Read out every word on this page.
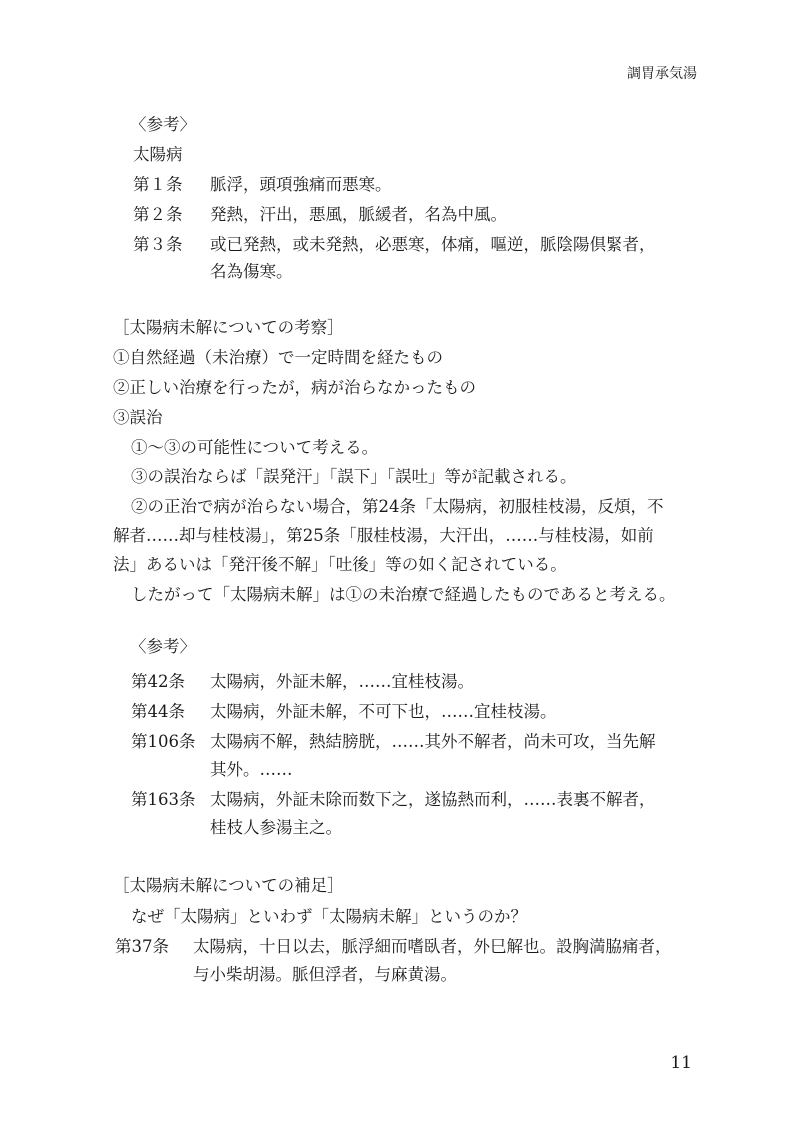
調胃承気湯
〈参考〉
太陽病
第１条 脈浮，頭項強痛而悪寒。
第２条 発熱，汗出，悪風，脈緩者，名為中風。
第３条 或已発熱，或未発熱，必悪寒，体痛，嘔逆，脈陰陽倶緊者，
名為傷寒。
［太陽病未解についての考察］
①自然経過（未治療）で一定時間を経たもの
②正しい治療を行ったが，病が治らなかったもの
③誤治
①〜③の可能性について考える。
③の誤治ならば「誤発汗」「誤下」「誤吐」等が記載される。
②の正治で病が治らない場合，第24条「太陽病，初服桂枝湯，反煩，不
解者……却与桂枝湯」，第25条「服桂枝湯，大汗出，……与桂枝湯，如前
法」あるいは「発汗後不解」「吐後」等の如く記されている。
したがって「太陽病未解」は①の未治療で経過したものであると考える。
〈参考〉
第42条 太陽病，外証未解，……宜桂枝湯。
第44条 太陽病，外証未解，不可下也，……宜桂枝湯。
第106条 太陽病不解，熱結膀胱，……其外不解者，尚未可攻，当先解
其外。……
第163条 太陽病，外証未除而数下之，遂協熱而利，……表裏不解者，
桂枝人参湯主之。
［太陽病未解についての補足］
なぜ「太陽病」といわず「太陽病未解」というのか？
第37条 太陽病，十日以去，脈浮細而嗜臥者，外巳解也。設胸満脇痛者，
与小柴胡湯。脈但浮者，与麻黄湯。
11
